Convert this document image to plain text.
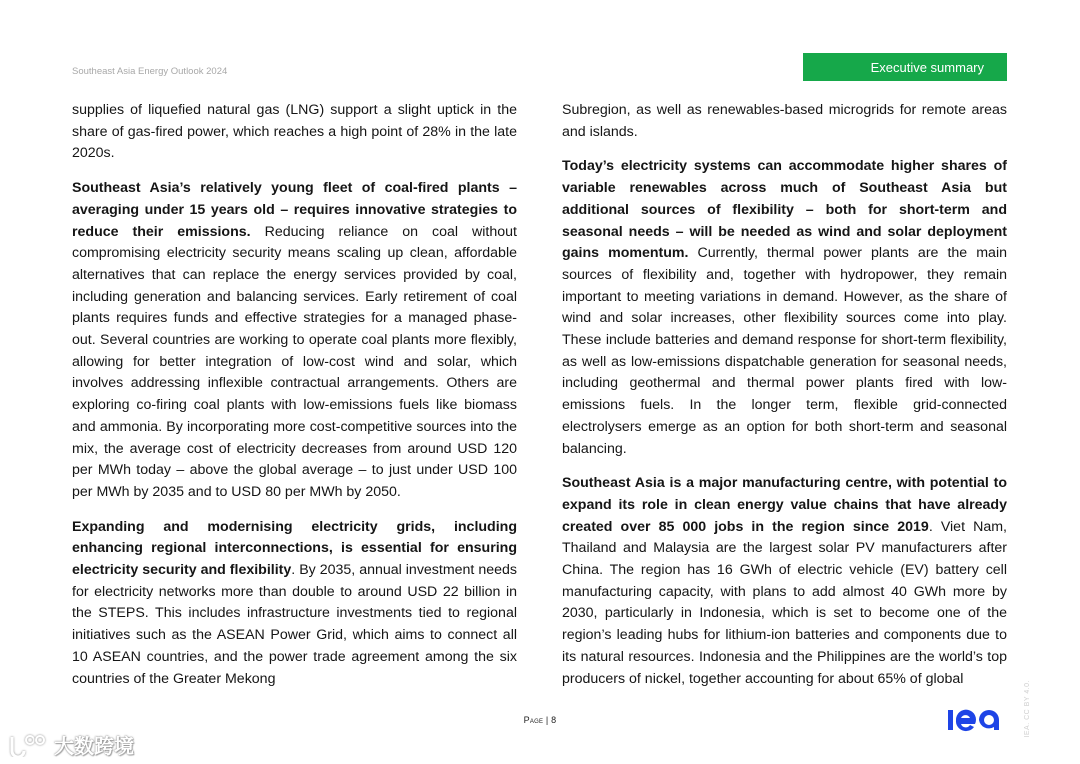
Southeast Asia Energy Outlook 2024	Executive summary

supplies of liquefied natural gas (LNG) support a slight uptick in the share of gas-fired power, which reaches a high point of 28% in the late 2020s.

Southeast Asia’s relatively young fleet of coal-fired plants – averaging under 15 years old – requires innovative strategies to reduce their emissions. Reducing reliance on coal without compromising electricity security means scaling up clean, affordable alternatives that can replace the energy services provided by coal, including generation and balancing services. Early retirement of coal plants requires funds and effective strategies for a managed phase-out. Several countries are working to operate coal plants more flexibly, allowing for better integration of low-cost wind and solar, which involves addressing inflexible contractual arrangements. Others are exploring co-firing coal plants with low-emissions fuels like biomass and ammonia. By incorporating more cost-competitive sources into the mix, the average cost of electricity decreases from around USD 120 per MWh today – above the global average – to just under USD 100 per MWh by 2035 and to USD 80 per MWh by 2050.

Expanding and modernising electricity grids, including enhancing regional interconnections, is essential for ensuring electricity security and flexibility. By 2035, annual investment needs for electricity networks more than double to around USD 22 billion in the STEPS. This includes infrastructure investments tied to regional initiatives such as the ASEAN Power Grid, which aims to connect all 10 ASEAN countries, and the power trade agreement among the six countries of the Greater Mekong

Subregion, as well as renewables-based microgrids for remote areas and islands.

Today’s electricity systems can accommodate higher shares of variable renewables across much of Southeast Asia but additional sources of flexibility – both for short-term and seasonal needs – will be needed as wind and solar deployment gains momentum. Currently, thermal power plants are the main sources of flexibility and, together with hydropower, they remain important to meeting variations in demand. However, as the share of wind and solar increases, other flexibility sources come into play. These include batteries and demand response for short-term flexibility, as well as low-emissions dispatchable generation for seasonal needs, including geothermal and thermal power plants fired with low-emissions fuels. In the longer term, flexible grid-connected electrolysers emerge as an option for both short-term and seasonal balancing.

Southeast Asia is a major manufacturing centre, with potential to expand its role in clean energy value chains that have already created over 85 000 jobs in the region since 2019. Viet Nam, Thailand and Malaysia are the largest solar PV manufacturers after China. The region has 16 GWh of electric vehicle (EV) battery cell manufacturing capacity, with plans to add almost 40 GWh more by 2030, particularly in Indonesia, which is set to become one of the region’s leading hubs for lithium-ion batteries and components due to its natural resources. Indonesia and the Philippines are the world’s top producers of nickel, together accounting for about 65% of global

Page | 8	IEA. CC BY 4.0.
大数跨境
